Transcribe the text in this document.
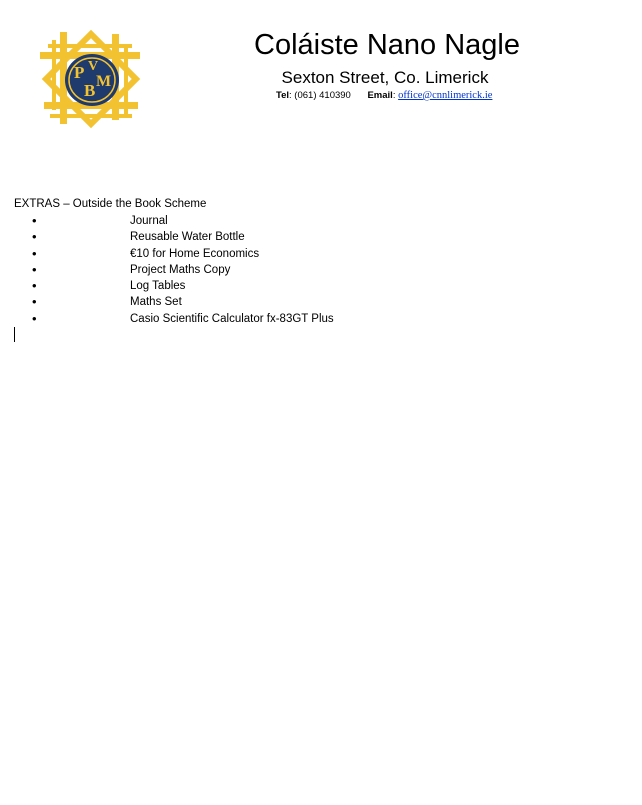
P V
B M
Coláiste Nano Nagle
Sexton Street, Co. Limerick
Tel: (061) 410390 Email: office@cnnlimerick.ie
EXTRAS – Outside the Book Scheme
•	Journal
•	Reusable Water Bottle
•	€10 for Home Economics
•	Project Maths Copy
•	Log Tables
•	Maths Set
•	Casio Scientific Calculator fx-83GT Plus
